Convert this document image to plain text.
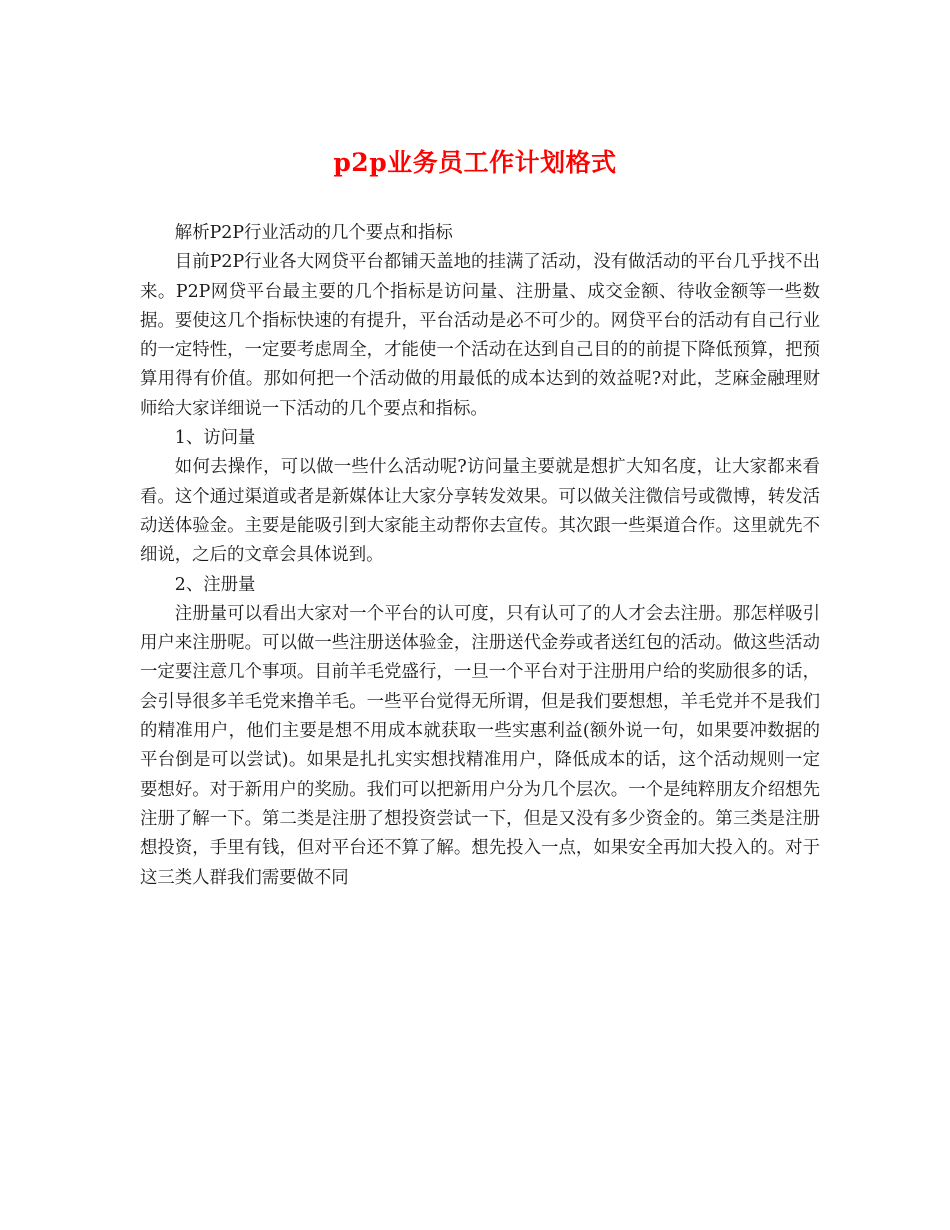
p2p业务员工作计划格式

解析P2P行业活动的几个要点和指标

目前P2P行业各大网贷平台都铺天盖地的挂满了活动，没有做活动的平台几乎找不出来。P2P网贷平台最主要的几个指标是访问量、注册量、成交金额、待收金额等一些数据。要使这几个指标快速的有提升，平台活动是必不可少的。网贷平台的活动有自己行业的一定特性，一定要考虑周全，才能使一个活动在达到自己目的的前提下降低预算，把预算用得有价值。那如何把一个活动做的用最低的成本达到的效益呢?对此，芝麻金融理财师给大家详细说一下活动的几个要点和指标。

1、访问量

如何去操作，可以做一些什么活动呢?访问量主要就是想扩大知名度，让大家都来看看。这个通过渠道或者是新媒体让大家分享转发效果。可以做关注微信号或微博，转发活动送体验金。主要是能吸引到大家能主动帮你去宣传。其次跟一些渠道合作。这里就先不细说，之后的文章会具体说到。

2、注册量

注册量可以看出大家对一个平台的认可度，只有认可了的人才会去注册。那怎样吸引用户来注册呢。可以做一些注册送体验金，注册送代金券或者送红包的活动。做这些活动一定要注意几个事项。目前羊毛党盛行，一旦一个平台对于注册用户给的奖励很多的话，会引导很多羊毛党来撸羊毛。一些平台觉得无所谓，但是我们要想想，羊毛党并不是我们的精准用户，他们主要是想不用成本就获取一些实惠利益(额外说一句，如果要冲数据的平台倒是可以尝试)。如果是扎扎实实想找精准用户，降低成本的话，这个活动规则一定要想好。对于新用户的奖励。我们可以把新用户分为几个层次。一个是纯粹朋友介绍想先注册了解一下。第二类是注册了想投资尝试一下，但是又没有多少资金的。第三类是注册想投资，手里有钱，但对平台还不算了解。想先投入一点，如果安全再加大投入的。对于这三类人群我们需要做不同
